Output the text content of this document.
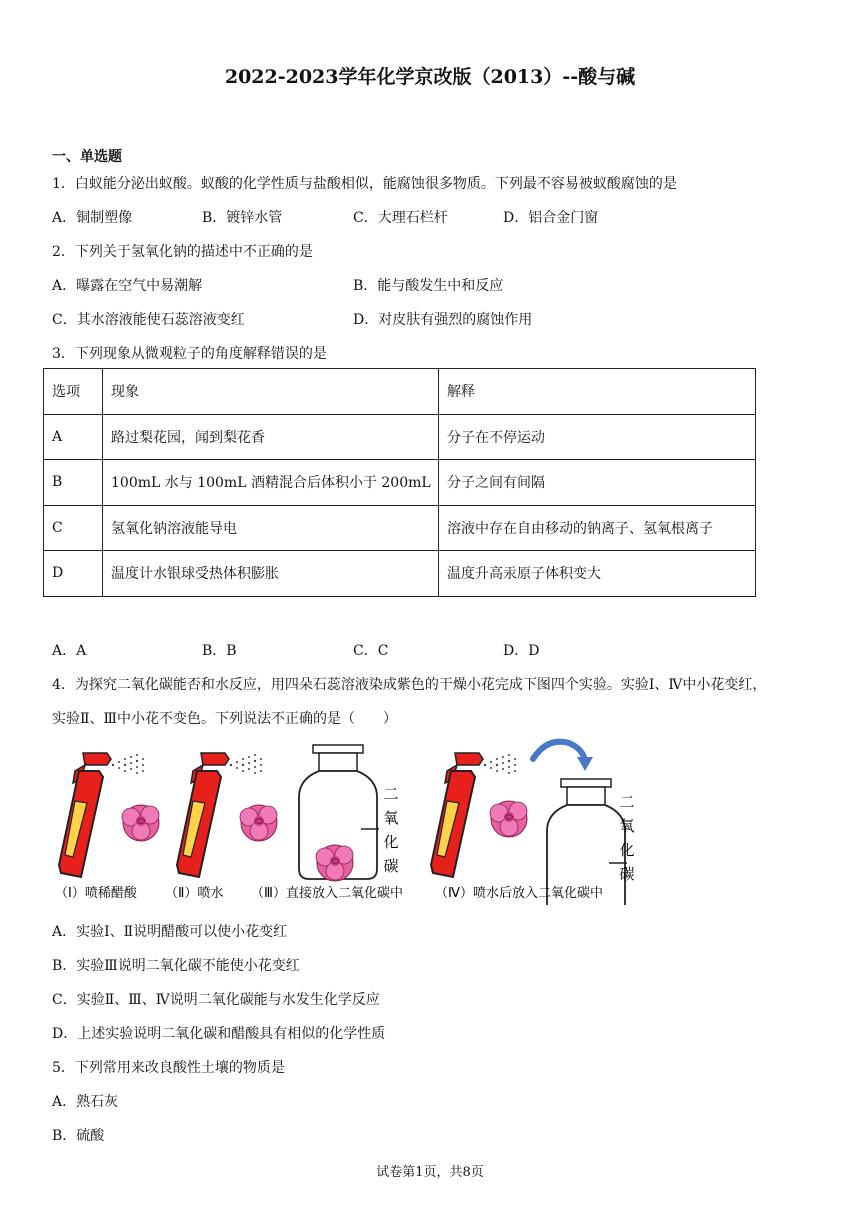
2022-2023学年化学京改版（2013）--酸与碱
一、单选题
1．白蚁能分泌出蚁酸。蚁酸的化学性质与盐酸相似，能腐蚀很多物质。下列最不容易被蚁酸腐蚀的是
A．铜制塑像	B．镀锌水管	C．大理石栏杆	D．铝合金门窗
2．下列关于氢氧化钠的描述中不正确的是
A．曝露在空气中易潮解	B．能与酸发生中和反应
C．其水溶液能使石蕊溶液变红	D．对皮肤有强烈的腐蚀作用
3．下列现象从微观粒子的角度解释错误的是
选项	现象	解释
A	路过梨花园，闻到梨花香	分子在不停运动
B	100mL 水与 100mL 酒精混合后体积小于 200mL	分子之间有间隔
C	氢氧化钠溶液能导电	溶液中存在自由移动的钠离子、氢氧根离子
D	温度计水银球受热体积膨胀	温度升高汞原子体积变大
A．A	B．B	C．C	D．D
4．为探究二氧化碳能否和水反应，用四朵石蕊溶液染成紫色的干燥小花完成下图四个实验。实验Ⅰ、Ⅳ中小花变红，
实验Ⅱ、Ⅲ中小花不变色。下列说法不正确的是（　　）
二
氧
化
碳
二
氧
化
碳
（Ⅰ）喷稀醋酸 （Ⅱ）喷水 （Ⅲ）直接放入二氧化碳中 （Ⅳ）喷水后放入二氧化碳中
A．实验Ⅰ、Ⅱ说明醋酸可以使小花变红
B．实验Ⅲ说明二氧化碳不能使小花变红
C．实验Ⅱ、Ⅲ、Ⅳ说明二氧化碳能与水发生化学反应
D．上述实验说明二氧化碳和醋酸具有相似的化学性质
5．下列常用来改良酸性土壤的物质是
A．熟石灰
B．硫酸
试卷第1页，共8页
